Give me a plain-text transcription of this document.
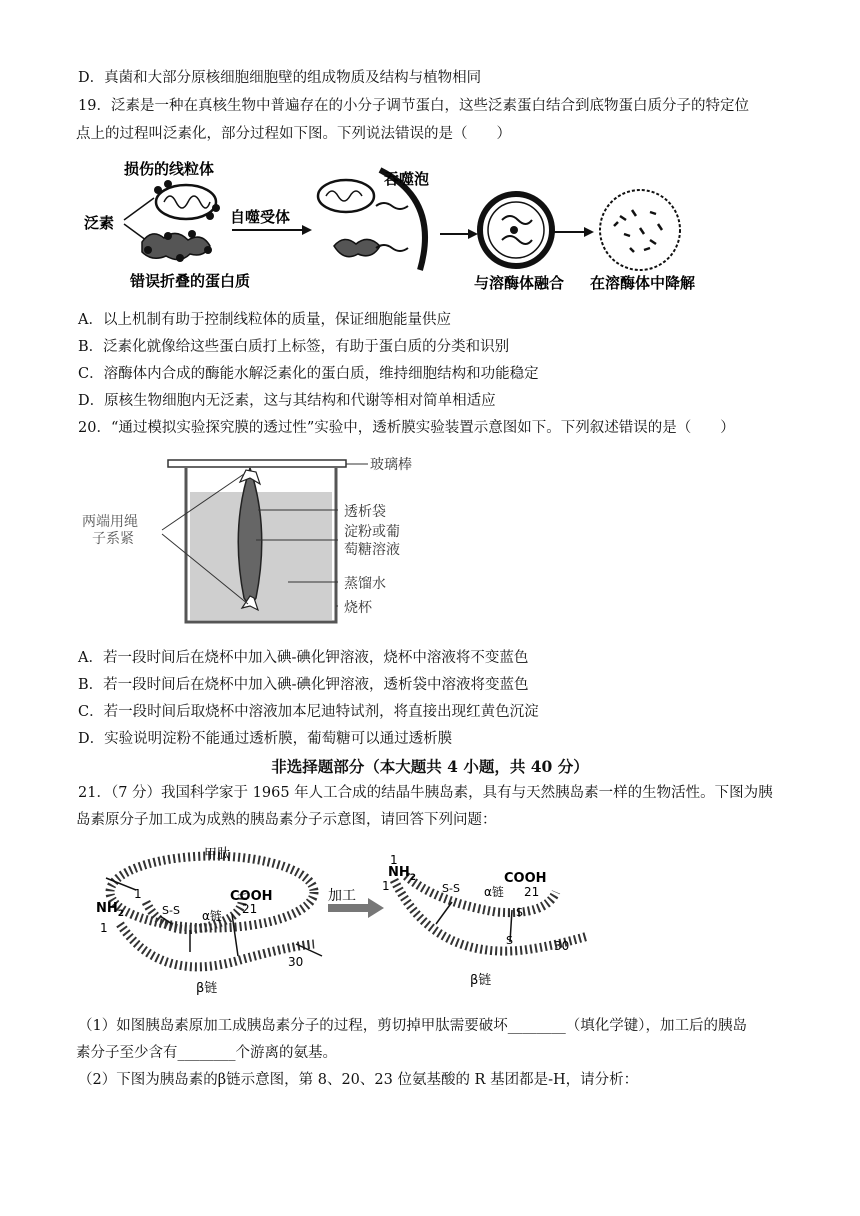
D．真菌和大部分原核细胞细胞壁的组成物质及结构与植物相同
19．泛素是一种在真核生物中普遍存在的小分子调节蛋白，这些泛素蛋白结合到底物蛋白质分子的特定位
点上的过程叫泛素化，部分过程如下图。下列说法错误的是（　　）
损伤的线粒体
泛素
错误折叠的蛋白质
自噬受体
吞噬泡
与溶酶体融合 在溶酶体中降解
A．以上机制有助于控制线粒体的质量，保证细胞能量供应
B．泛素化就像给这些蛋白质打上标签，有助于蛋白质的分类和识别
C．溶酶体内合成的酶能水解泛素化的蛋白质，维持细胞结构和功能稳定
D．原核生物细胞内无泛素，这与其结构和代谢等相对简单相适应
20．“通过模拟实验探究膜的透过性”实验中，透析膜实验装置示意图如下。下列叙述错误的是（　　）
玻璃棒
两端用绳
子系紧
透析袋
淀粉或葡
萄糖溶液
蒸馏水
烧杯
A．若一段时间后在烧杯中加入碘-碘化钾溶液，烧杯中溶液将不变蓝色
B．若一段时间后在烧杯中加入碘-碘化钾溶液，透析袋中溶液将变蓝色
C．若一段时间后取烧杯中溶液加本尼迪特试剂，将直接出现红黄色沉淀
D．实验说明淀粉不能通过透析膜，葡萄糖可以通过透析膜
非选择题部分（本大题共 4 小题，共 40 分）
21．（7 分）我国科学家于 1965 年人工合成的结晶牛胰岛素，具有与天然胰岛素一样的生物活性。下图为胰
岛素原分子加工成为成熟的胰岛素分子示意图，请回答下列问题：
甲肽
COOH
21
α链
S-S
$NH_2$
1
1
30
β链
加工
$NH_2$
1
1	COOH
21
α链
S-S
S
S	30
β链
（1）如图胰岛素原加工成胰岛素分子的过程，剪切掉甲肽需要破坏________（填化学键），加工后的胰岛
素分子至少含有________个游离的氨基。
（2）下图为胰岛素的β链示意图，第 8、20、23 位氨基酸的 R 基团都是-H，请分析：
